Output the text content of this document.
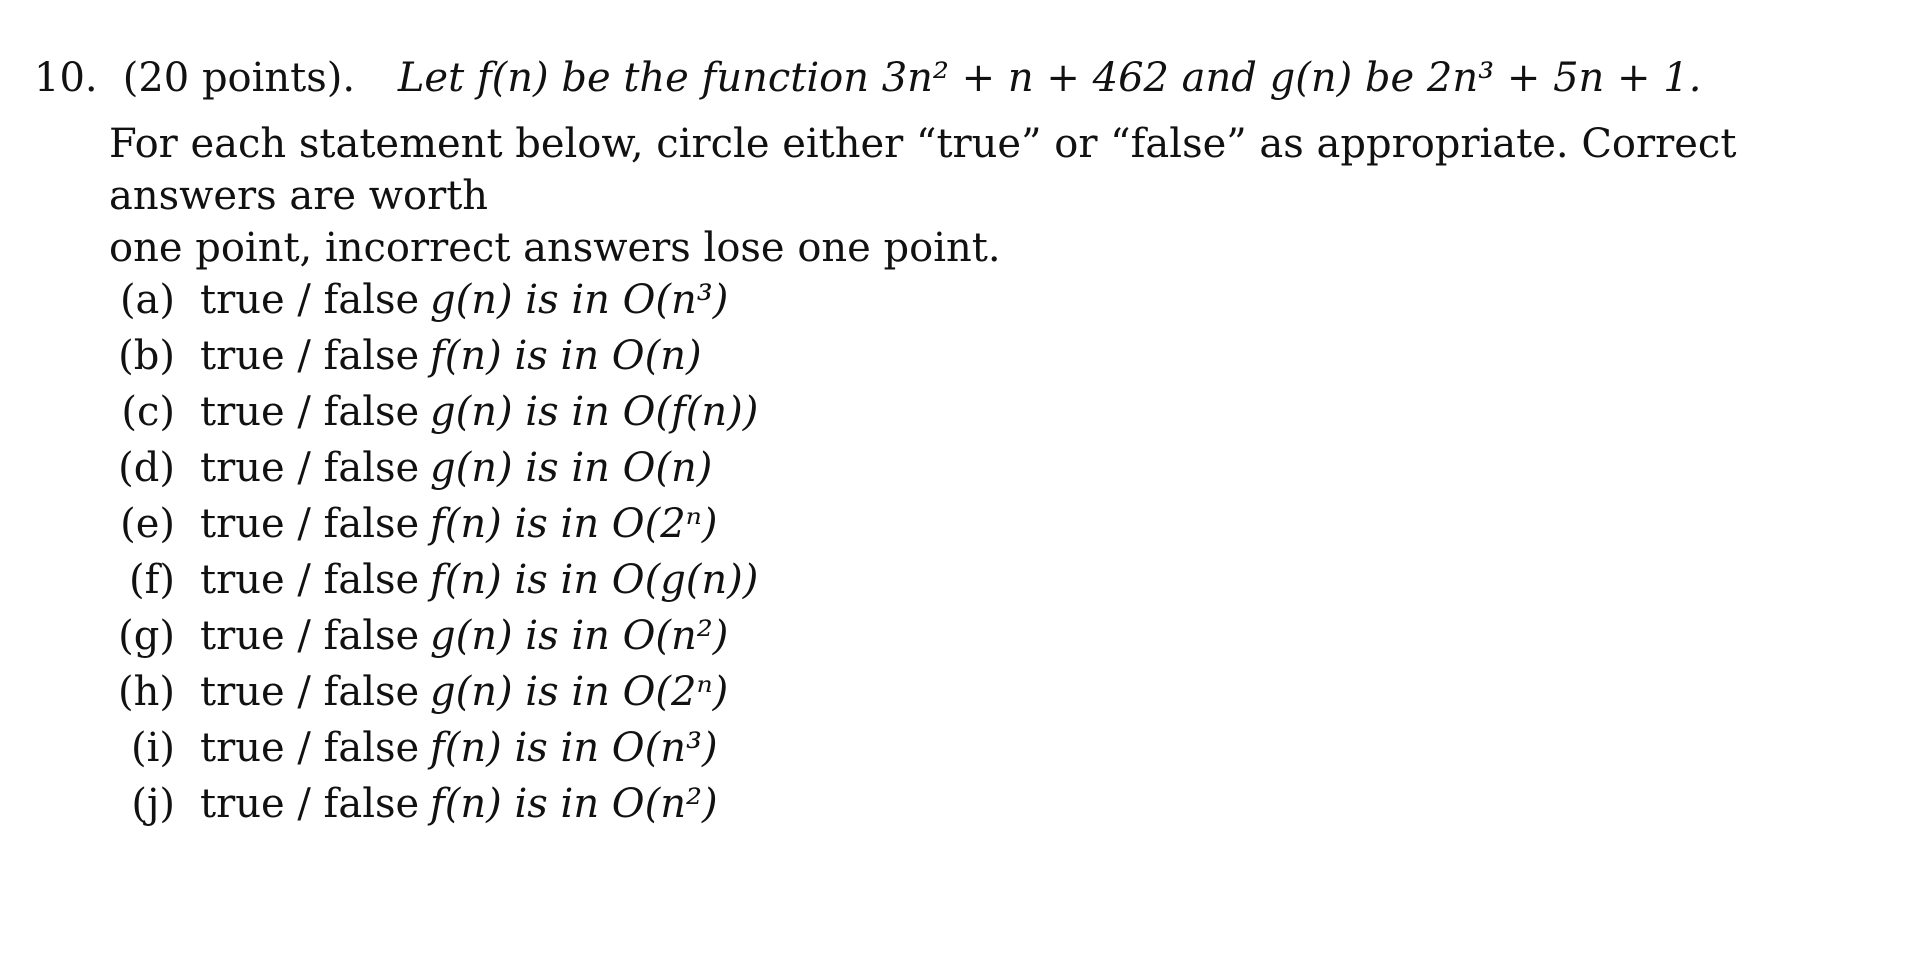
10. (20 points). Let f(n) be the function 3n² + n + 462 and g(n) be 2n³ + 5n + 1.

For each statement below, circle either “true” or “false” as appropriate. Correct answers are worth

one point, incorrect answers lose one point.

(a) true / false g(n) is in O(n³)
(b) true / false f(n) is in O(n)
(c) true / false g(n) is in O(f(n))
(d) true / false g(n) is in O(n)
(e) true / false f(n) is in O(2ⁿ)
(f) true / false f(n) is in O(g(n))
(g) true / false g(n) is in O(n²)
(h) true / false g(n) is in O(2ⁿ)
(i) true / false f(n) is in O(n³)
(j) true / false f(n) is in O(n²)
